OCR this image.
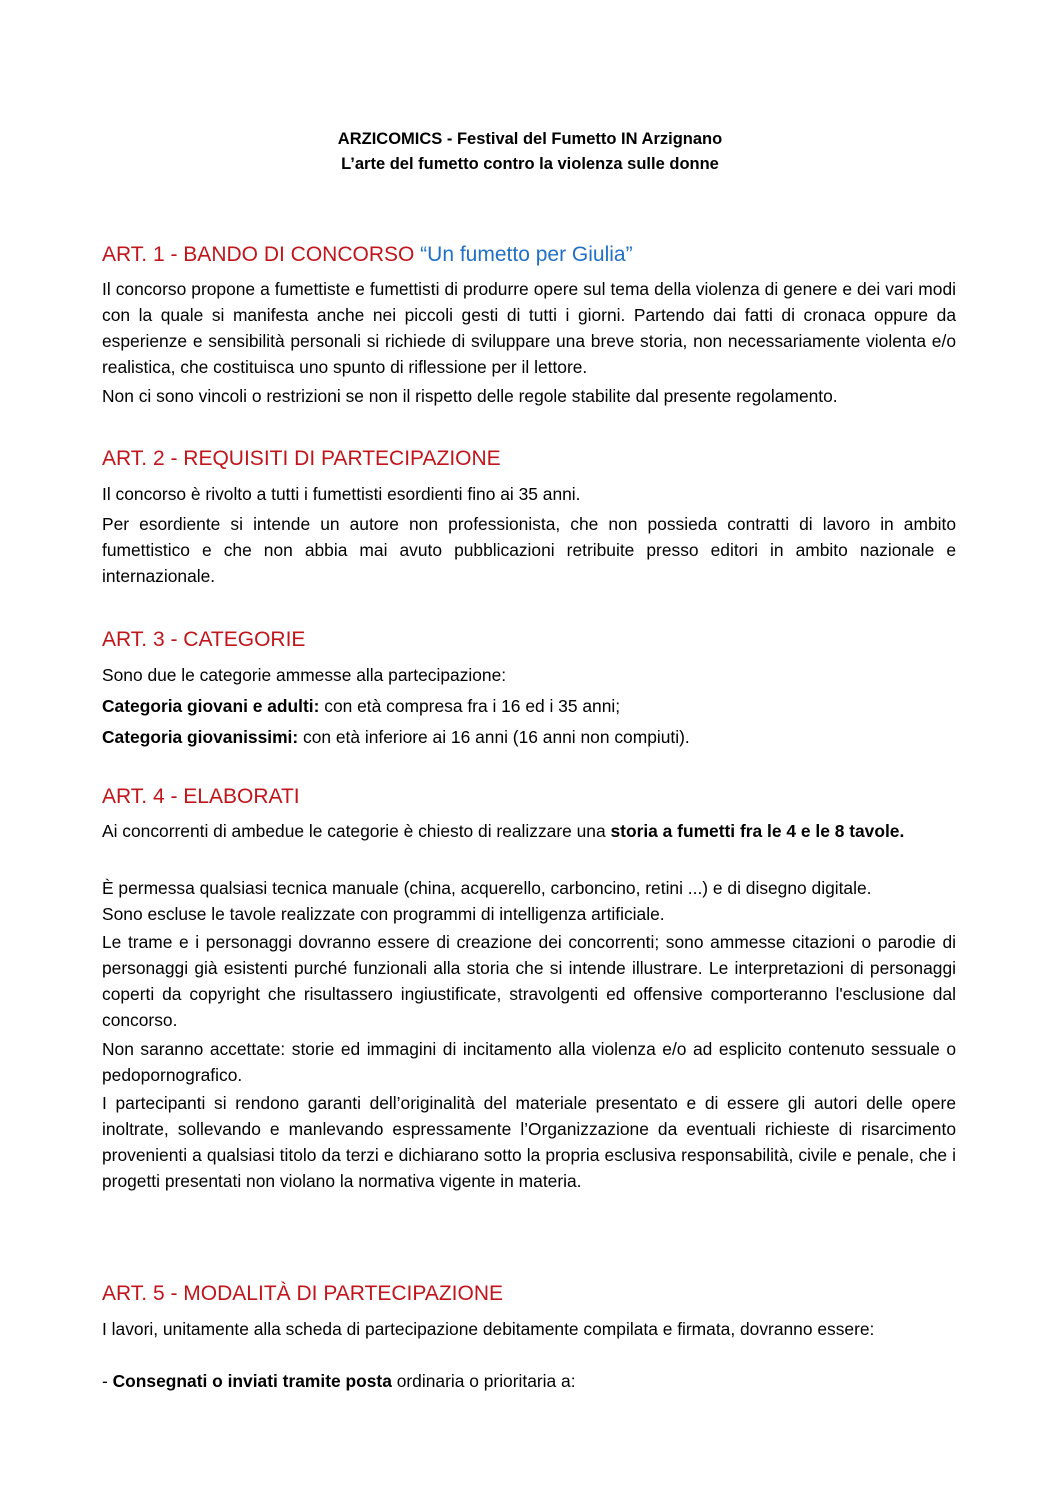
ARZICOMICS - Festival del Fumetto IN Arzignano
L’arte del fumetto contro la violenza sulle donne
ART. 1 - BANDO DI CONCORSO “Un fumetto per Giulia”
Il concorso propone a fumettiste e fumettisti di produrre opere sul tema della violenza di genere e dei vari modi con la quale si manifesta anche nei piccoli gesti di tutti i giorni. Partendo dai fatti di cronaca oppure da esperienze e sensibilità personali si richiede di sviluppare una breve storia, non necessariamente violenta e/o realistica, che costituisca uno spunto di riflessione per il lettore.
Non ci sono vincoli o restrizioni se non il rispetto delle regole stabilite dal presente regolamento.
ART. 2 - REQUISITI DI PARTECIPAZIONE
Il concorso è rivolto a tutti i fumettisti esordienti fino ai 35 anni.
Per esordiente si intende un autore non professionista, che non possieda contratti di lavoro in ambito fumettistico e che non abbia mai avuto pubblicazioni retribuite presso editori in ambito nazionale e internazionale.
ART. 3 - CATEGORIE
Sono due le categorie ammesse alla partecipazione:
Categoria giovani e adulti: con età compresa fra i 16 ed i 35 anni;
Categoria giovanissimi: con età inferiore ai 16 anni (16 anni non compiuti).
ART. 4 - ELABORATI
Ai concorrenti di ambedue le categorie è chiesto di realizzare una storia a fumetti fra le 4 e le 8 tavole.
È permessa qualsiasi tecnica manuale (china, acquerello, carboncino, retini ...) e di disegno digitale.
Sono escluse le tavole realizzate con programmi di intelligenza artificiale.
Le trame e i personaggi dovranno essere di creazione dei concorrenti; sono ammesse citazioni o parodie di personaggi già esistenti purché funzionali alla storia che si intende illustrare. Le interpretazioni di personaggi coperti da copyright che risultassero ingiustificate, stravolgenti ed offensive comporteranno l'esclusione dal concorso.
Non saranno accettate: storie ed immagini di incitamento alla violenza e/o ad esplicito contenuto sessuale o pedopornografico.
I partecipanti si rendono garanti dell’originalità del materiale presentato e di essere gli autori delle opere inoltrate, sollevando e manlevando espressamente l’Organizzazione da eventuali richieste di risarcimento provenienti a qualsiasi titolo da terzi e dichiarano sotto la propria esclusiva responsabilità, civile e penale, che i progetti presentati non violano la normativa vigente in materia.
ART. 5 - MODALITÀ DI PARTECIPAZIONE
I lavori, unitamente alla scheda di partecipazione debitamente compilata e firmata, dovranno essere:
- Consegnati o inviati tramite posta ordinaria o prioritaria a:
